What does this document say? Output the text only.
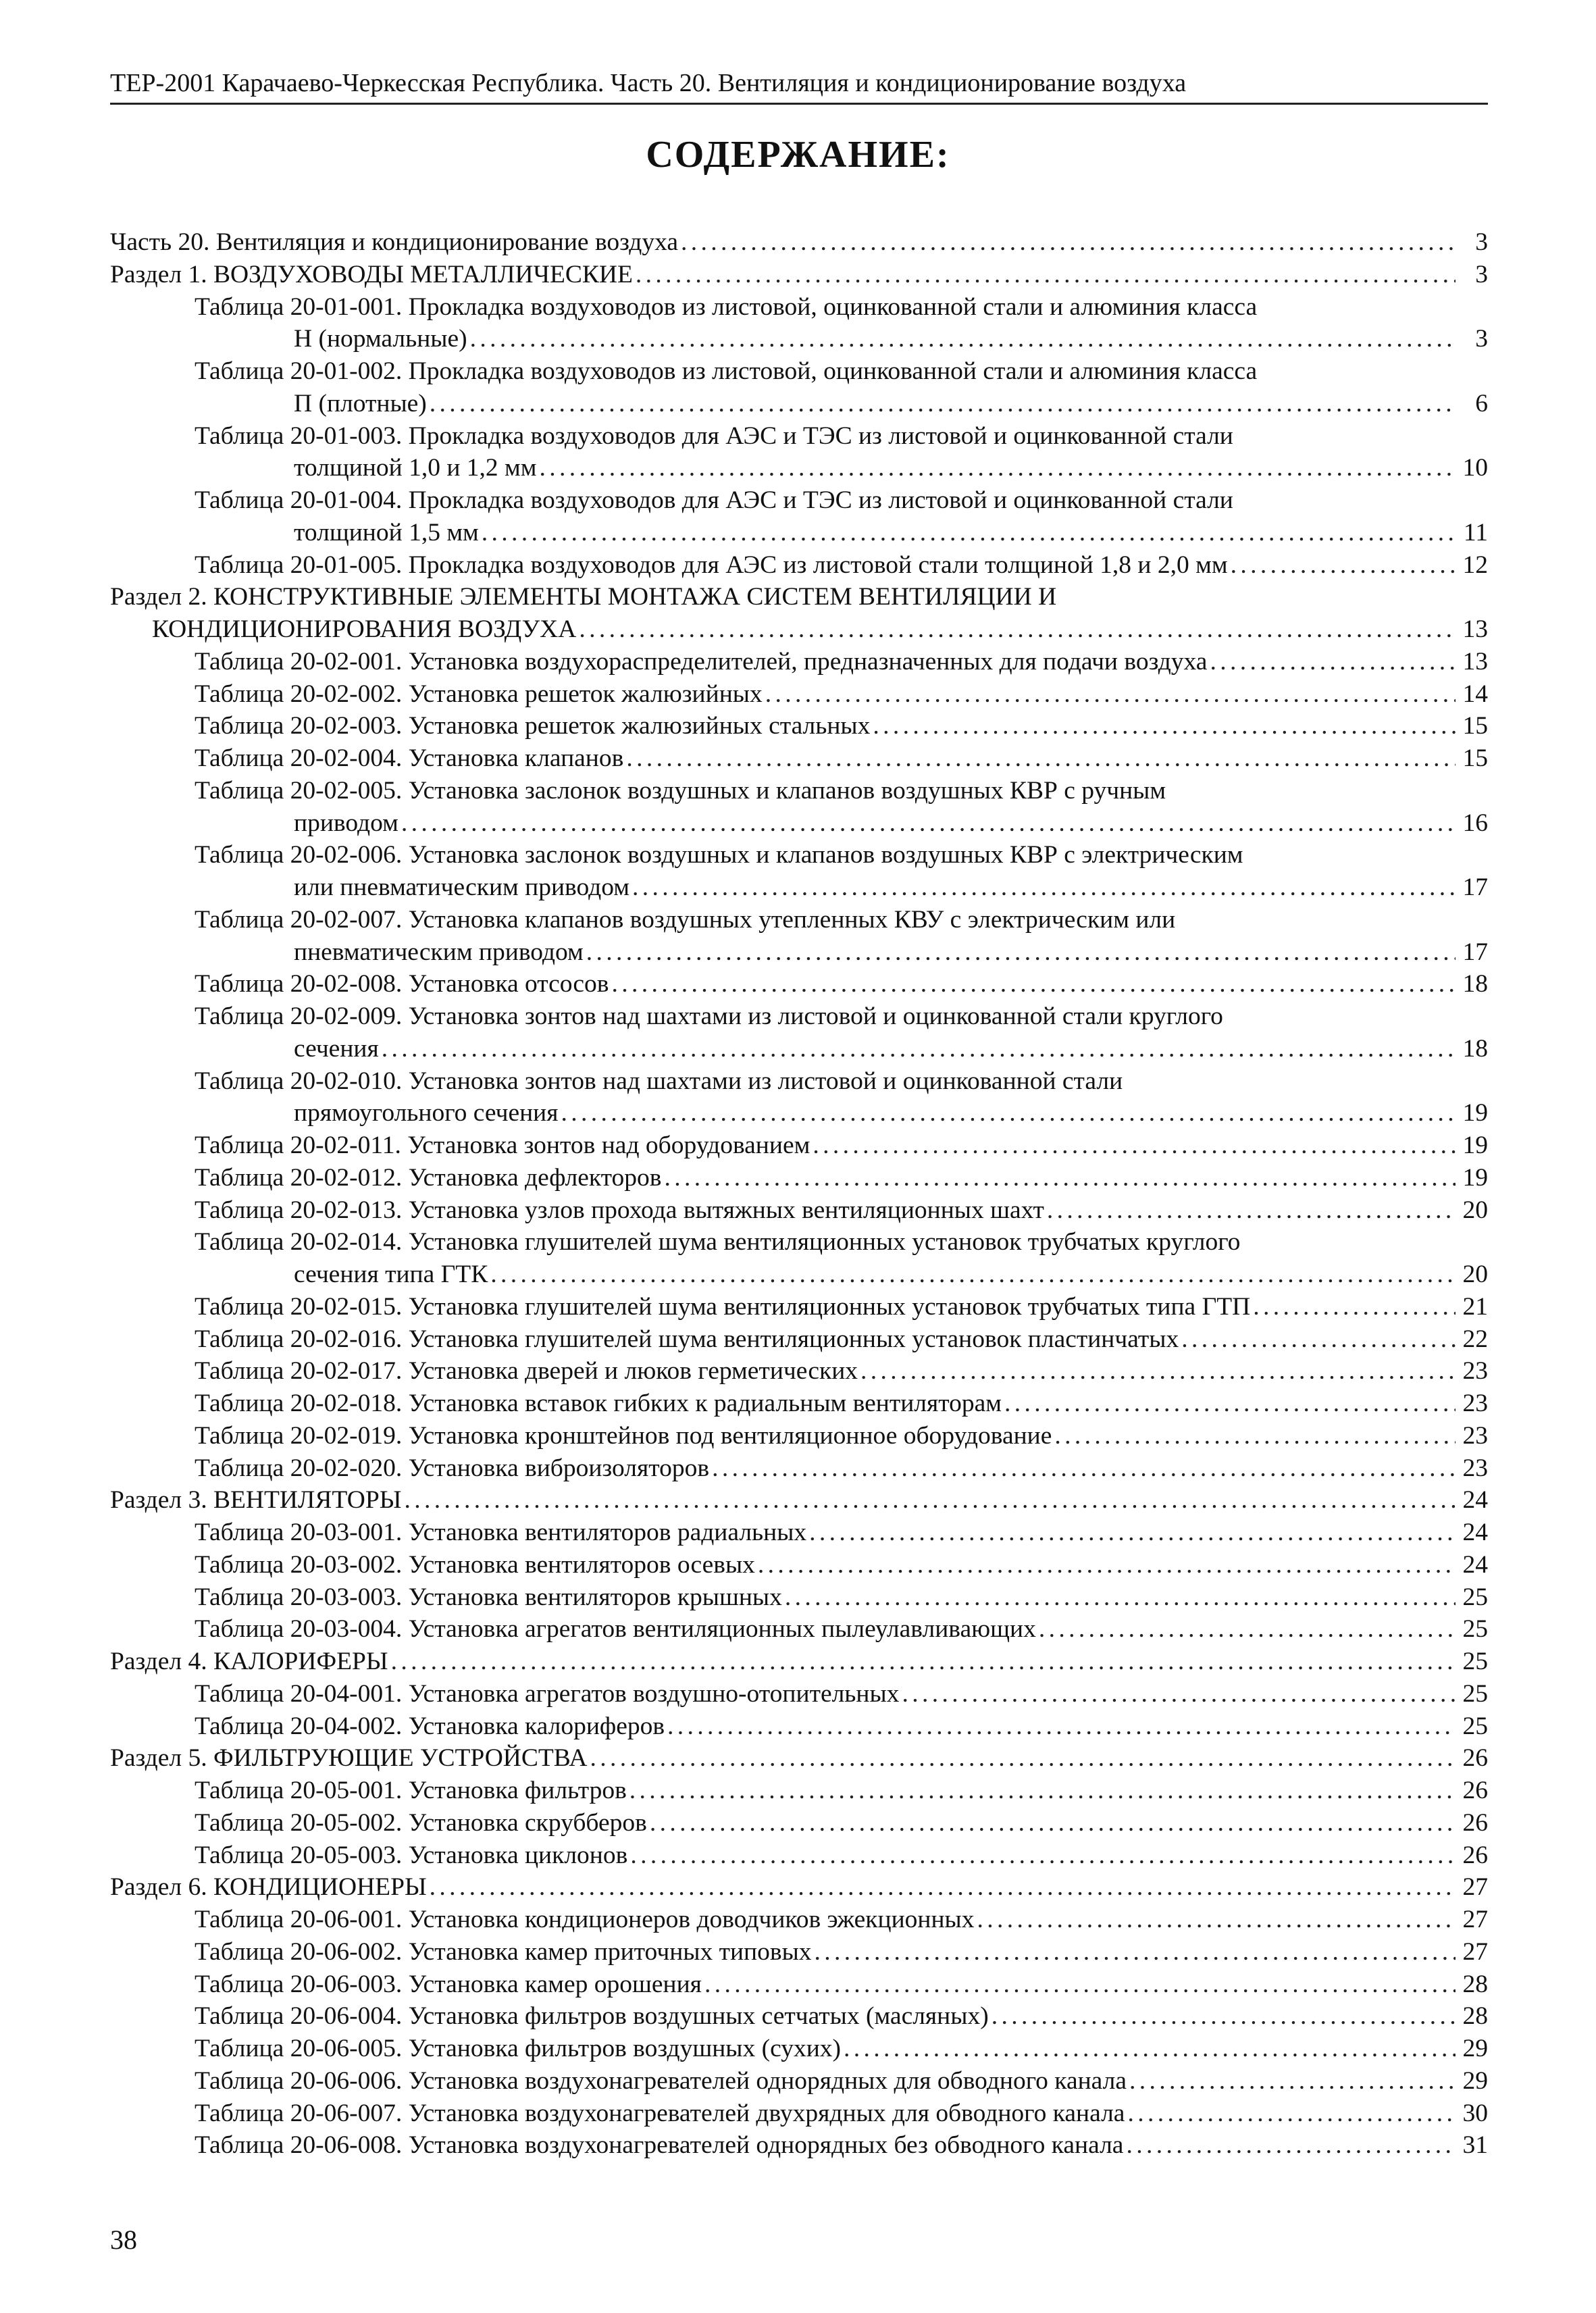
ТЕР-2001 Карачаево-Черкесская Республика. Часть 20. Вентиляция и кондиционирование воздуха
СОДЕРЖАНИЕ:
Часть 20. Вентиляция и кондиционирование воздуха . . .	3
Раздел 1. ВОЗДУХОВОДЫ МЕТАЛЛИЧЕСКИЕ . . .	3
Таблица 20-01-001. Прокладка воздуховодов из листовой, оцинкованной стали и алюминия класса
Н (нормальные) . . .	3
Таблица 20-01-002. Прокладка воздуховодов из листовой, оцинкованной стали и алюминия класса
П (плотные) . . .	6
Таблица 20-01-003. Прокладка воздуховодов для АЭС и ТЭС из листовой и оцинкованной стали
толщиной 1,0 и 1,2 мм . . .	10
Таблица 20-01-004. Прокладка воздуховодов для АЭС и ТЭС из листовой и оцинкованной стали
толщиной 1,5 мм . . .	11
Таблица 20-01-005. Прокладка воздуховодов для АЭС из листовой стали толщиной 1,8 и 2,0 мм . . .	12
Раздел 2. КОНСТРУКТИВНЫЕ ЭЛЕМЕНТЫ МОНТАЖА СИСТЕМ ВЕНТИЛЯЦИИ И
КОНДИЦИОНИРОВАНИЯ ВОЗДУХА . . .	13
Таблица 20-02-001. Установка воздухораспределителей, предназначенных для подачи воздуха . . .	13
Таблица 20-02-002. Установка решеток жалюзийных . . .	14
Таблица 20-02-003. Установка решеток жалюзийных стальных . . .	15
Таблица 20-02-004. Установка клапанов . . .	15
Таблица 20-02-005. Установка заслонок воздушных и клапанов воздушных КВР с ручным
приводом . . .	16
Таблица 20-02-006. Установка заслонок воздушных и клапанов воздушных КВР с электрическим
или пневматическим приводом . . .	17
Таблица 20-02-007. Установка клапанов воздушных утепленных КВУ с электрическим или
пневматическим приводом . . .	17
Таблица 20-02-008. Установка отсосов . . .	18
Таблица 20-02-009. Установка зонтов над шахтами из листовой и оцинкованной стали круглого
сечения . . .	18
Таблица 20-02-010. Установка зонтов над шахтами из листовой и оцинкованной стали
прямоугольного сечения . . .	19
Таблица 20-02-011. Установка зонтов над оборудованием . . .	19
Таблица 20-02-012. Установка дефлекторов . . .	19
Таблица 20-02-013. Установка узлов прохода вытяжных вентиляционных шахт . . .	20
Таблица 20-02-014. Установка глушителей шума вентиляционных установок трубчатых круглого
сечения типа ГТК . . .	20
Таблица 20-02-015. Установка глушителей шума вентиляционных установок трубчатых типа ГТП . . .	21
Таблица 20-02-016. Установка глушителей шума вентиляционных установок пластинчатых . . .	22
Таблица 20-02-017. Установка дверей и люков герметических . . .	23
Таблица 20-02-018. Установка вставок гибких к радиальным вентиляторам . . .	23
Таблица 20-02-019. Установка кронштейнов под вентиляционное оборудование . . .	23
Таблица 20-02-020. Установка виброизоляторов . . .	23
Раздел 3. ВЕНТИЛЯТОРЫ . . .	24
Таблица 20-03-001. Установка вентиляторов радиальных . . .	24
Таблица 20-03-002. Установка вентиляторов осевых . . .	24
Таблица 20-03-003. Установка вентиляторов крышных . . .	25
Таблица 20-03-004. Установка агрегатов вентиляционных пылеулавливающих . . .	25
Раздел 4. КАЛОРИФЕРЫ . . .	25
Таблица 20-04-001. Установка агрегатов воздушно-отопительных . . .	25
Таблица 20-04-002. Установка калориферов . . .	25
Раздел 5. ФИЛЬТРУЮЩИЕ УСТРОЙСТВА . . .	26
Таблица 20-05-001. Установка фильтров . . .	26
Таблица 20-05-002. Установка скрубберов . . .	26
Таблица 20-05-003. Установка циклонов . . .	26
Раздел 6. КОНДИЦИОНЕРЫ . . .	27
Таблица 20-06-001. Установка кондиционеров доводчиков эжекционных . . .	27
Таблица 20-06-002. Установка камер приточных типовых . . .	27
Таблица 20-06-003. Установка камер орошения . . .	28
Таблица 20-06-004. Установка фильтров воздушных сетчатых (масляных) . . .	28
Таблица 20-06-005. Установка фильтров воздушных (сухих) . . .	29
Таблица 20-06-006. Установка воздухонагревателей однорядных для обводного канала . . .	29
Таблица 20-06-007. Установка воздухонагревателей двухрядных для обводного канала . . .	30
Таблица 20-06-008. Установка воздухонагревателей однорядных без обводного канала . . .	31
38
